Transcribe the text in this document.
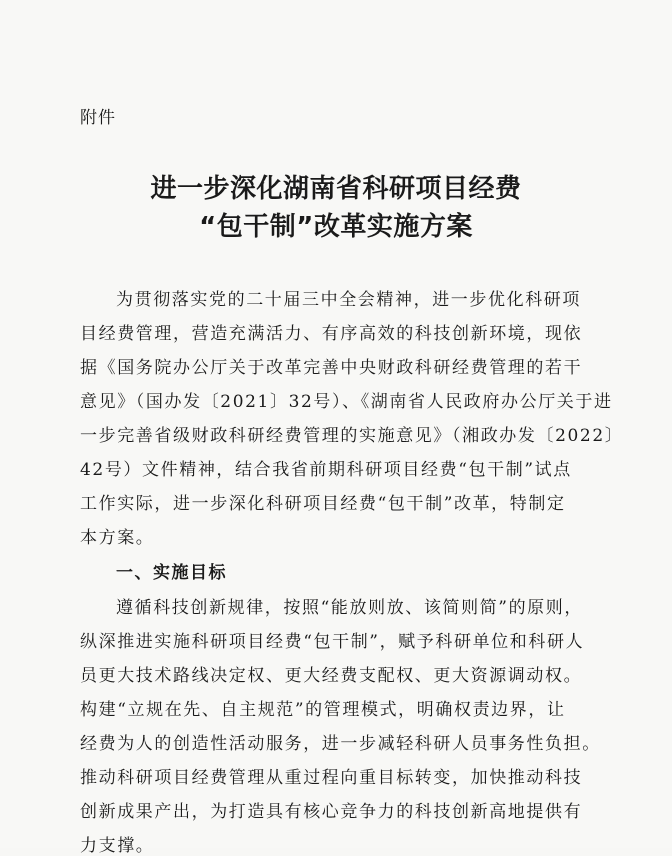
附件
进一步深化湖南省科研项目经费
“包干制”改革实施方案
为贯彻落实党的二十届三中全会精神，进一步优化科研项
目经费管理，营造充满活力、有序高效的科技创新环境，现依
据《国务院办公厅关于改革完善中央财政科研经费管理的若干
意见》（国办发〔2021〕32号）、《湖南省人民政府办公厅关于进
一步完善省级财政科研经费管理的实施意见》（湘政办发〔2022〕
42号）文件精神，结合我省前期科研项目经费“包干制”试点
工作实际，进一步深化科研项目经费“包干制”改革，特制定
本方案。
一、实施目标
遵循科技创新规律，按照“能放则放、该简则简”的原则，
纵深推进实施科研项目经费“包干制”，赋予科研单位和科研人
员更大技术路线决定权、更大经费支配权、更大资源调动权。
构建“立规在先、自主规范”的管理模式，明确权责边界，让
经费为人的创造性活动服务，进一步减轻科研人员事务性负担。
推动科研项目经费管理从重过程向重目标转变，加快推动科技
创新成果产出，为打造具有核心竞争力的科技创新高地提供有
力支撑。
